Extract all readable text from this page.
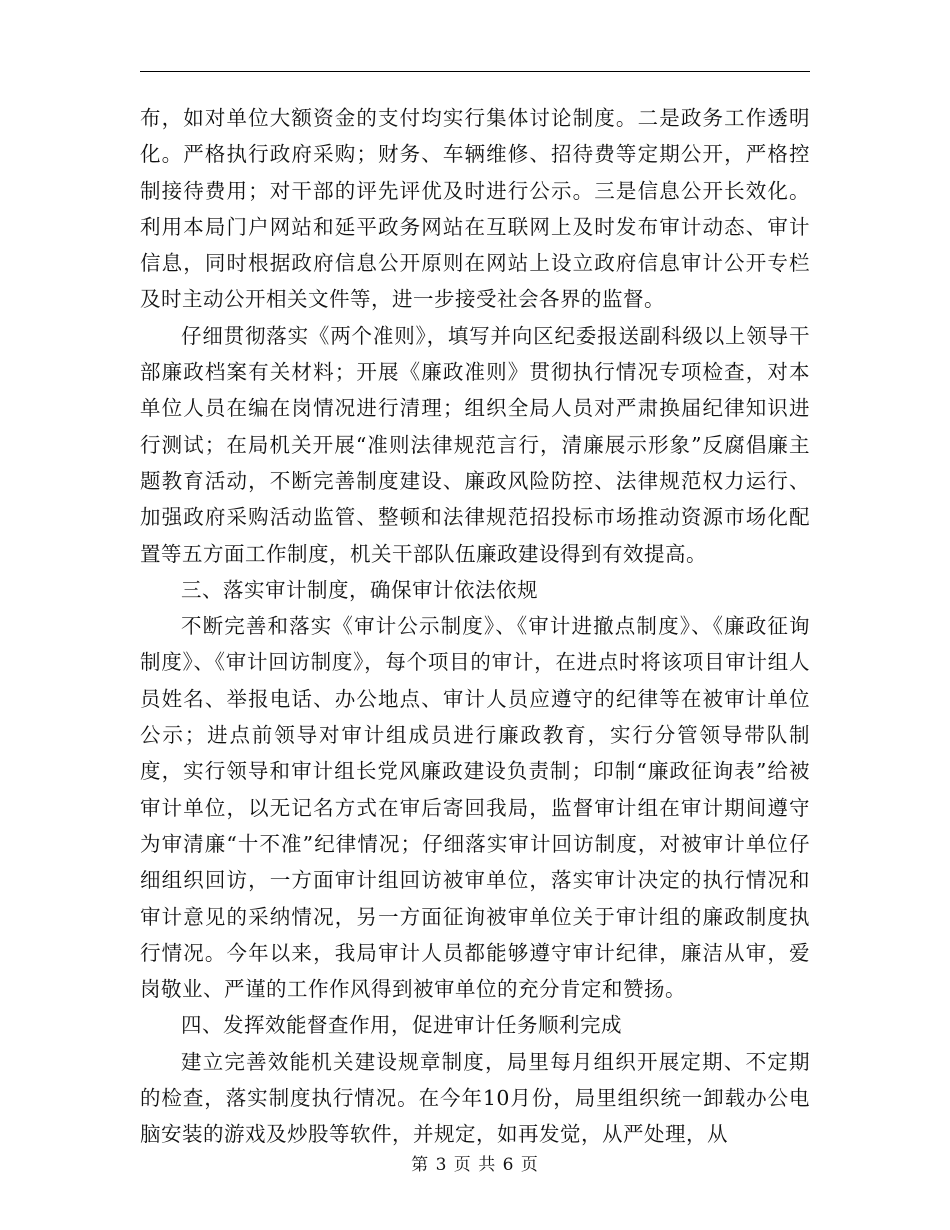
布，如对单位大额资金的支付均实行集体讨论制度。二是政务工作透明化。严格执行政府采购；财务、车辆维修、招待费等定期公开，严格控制接待费用；对干部的评先评优及时进行公示。三是信息公开长效化。利用本局门户网站和延平政务网站在互联网上及时发布审计动态、审计信息，同时根据政府信息公开原则在网站上设立政府信息审计公开专栏及时主动公开相关文件等，进一步接受社会各界的监督。

仔细贯彻落实《两个准则》，填写并向区纪委报送副科级以上领导干部廉政档案有关材料；开展《廉政准则》贯彻执行情况专项检查，对本单位人员在编在岗情况进行清理；组织全局人员对严肃换届纪律知识进行测试；在局机关开展“准则法律规范言行，清廉展示形象”反腐倡廉主题教育活动，不断完善制度建设、廉政风险防控、法律规范权力运行、加强政府采购活动监管、整顿和法律规范招投标市场推动资源市场化配置等五方面工作制度，机关干部队伍廉政建设得到有效提高。

三、落实审计制度，确保审计依法依规

不断完善和落实《审计公示制度》、《审计进撤点制度》、《廉政征询制度》、《审计回访制度》，每个项目的审计，在进点时将该项目审计组人员姓名、举报电话、办公地点、审计人员应遵守的纪律等在被审计单位公示；进点前领导对审计组成员进行廉政教育，实行分管领导带队制度，实行领导和审计组长党风廉政建设负责制；印制“廉政征询表”给被审计单位，以无记名方式在审后寄回我局，监督审计组在审计期间遵守为审清廉“十不准”纪律情况；仔细落实审计回访制度，对被审计单位仔细组织回访，一方面审计组回访被审单位，落实审计决定的执行情况和审计意见的采纳情况，另一方面征询被审单位关于审计组的廉政制度执行情况。今年以来，我局审计人员都能够遵守审计纪律，廉洁从审，爱岗敬业、严谨的工作作风得到被审单位的充分肯定和赞扬。

四、发挥效能督查作用，促进审计任务顺利完成

建立完善效能机关建设规章制度，局里每月组织开展定期、不定期的检查，落实制度执行情况。在今年10月份，局里组织统一卸载办公电脑安装的游戏及炒股等软件，并规定，如再发觉，从严处理，从

第 3 页 共 6 页
